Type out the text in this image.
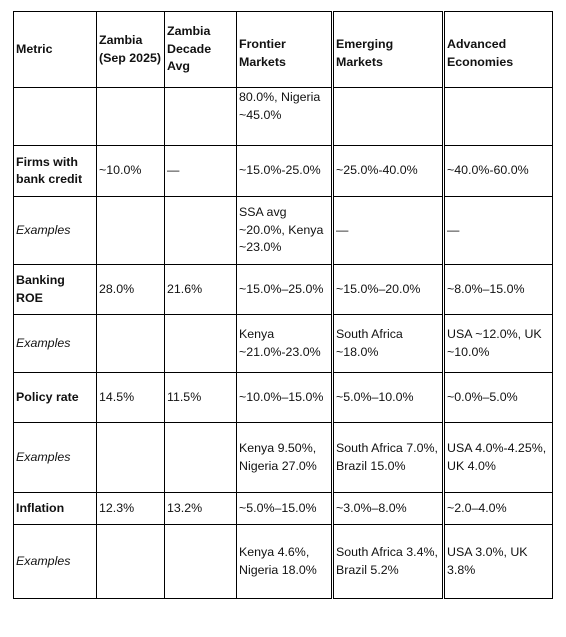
Metric	Zambia (Sep 2025)	Zambia Decade Avg	Frontier Markets	Emerging Markets	Advanced Economies
			80.0%, Nigeria ~45.0%		
Firms with bank credit	~10.0%	—	~15.0%-25.0%	~25.0%-40.0%	~40.0%-60.0%
Examples			SSA avg ~20.0%, Kenya ~23.0%	—	—
Banking ROE	28.0%	21.6%	~15.0%–25.0%	~15.0%–20.0%	~8.0%–15.0%
Examples			Kenya ~21.0%-23.0%	South Africa ~18.0%	USA ~12.0%, UK ~10.0%
Policy rate	14.5%	11.5%	~10.0%–15.0%	~5.0%–10.0%	~0.0%–5.0%
Examples			Kenya 9.50%, Nigeria 27.0%	South Africa 7.0%, Brazil 15.0%	USA 4.0%-4.25%, UK 4.0%
Inflation	12.3%	13.2%	~5.0%–15.0%	~3.0%–8.0%	~2.0–4.0%
Examples			Kenya 4.6%, Nigeria 18.0%	South Africa 3.4%, Brazil 5.2%	USA 3.0%, UK 3.8%
